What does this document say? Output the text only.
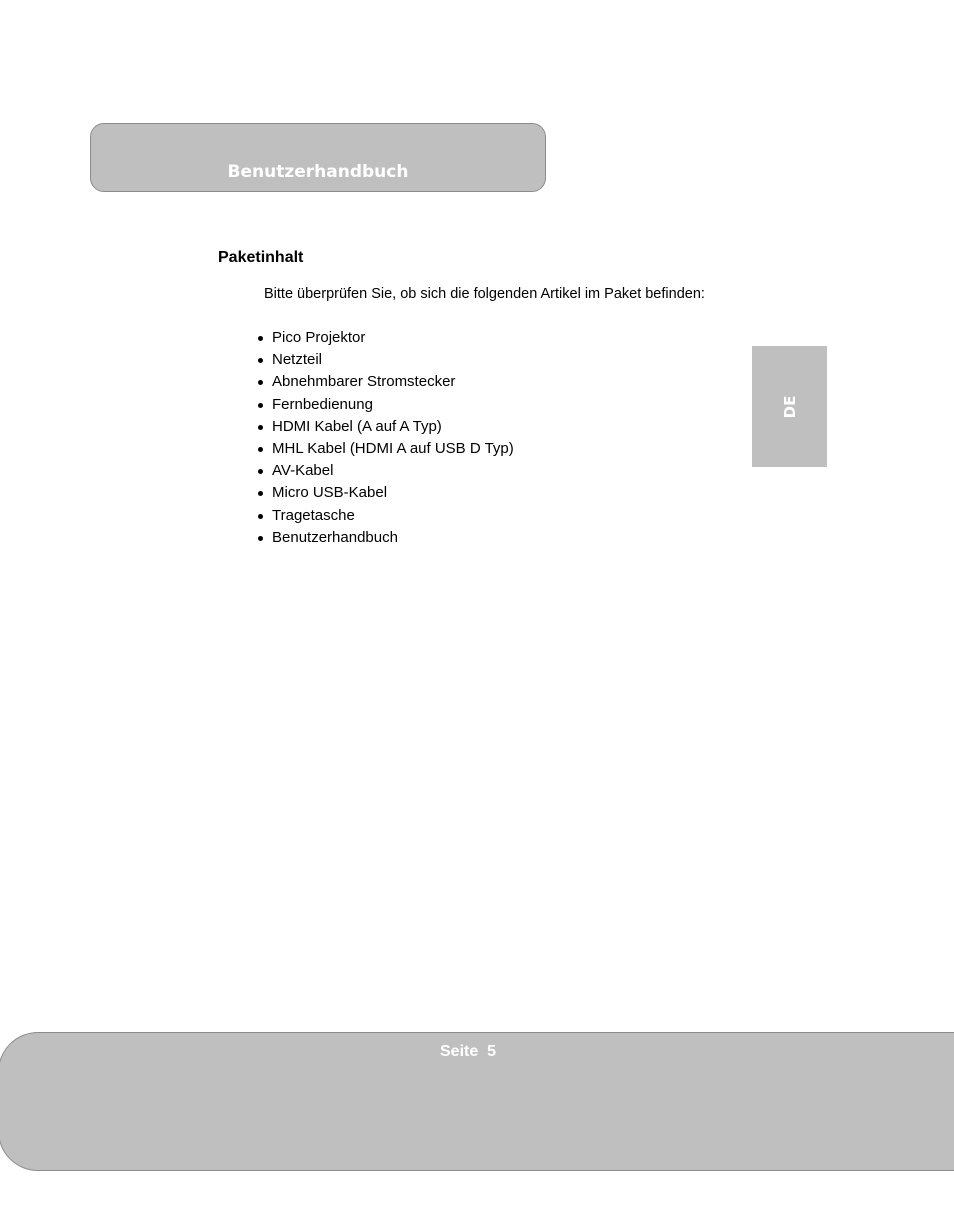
Benutzerhandbuch
Paketinhalt
Bitte überprüfen Sie, ob sich die folgenden Artikel im Paket befinden:
Pico Projektor
Netzteil
Abnehmbarer Stromstecker
Fernbedienung
HDMI Kabel (A auf A Typ)
MHL Kabel (HDMI A auf USB D Typ)
AV-Kabel
Micro USB-Kabel
Tragetasche
Benutzerhandbuch
DE
Seite  5
